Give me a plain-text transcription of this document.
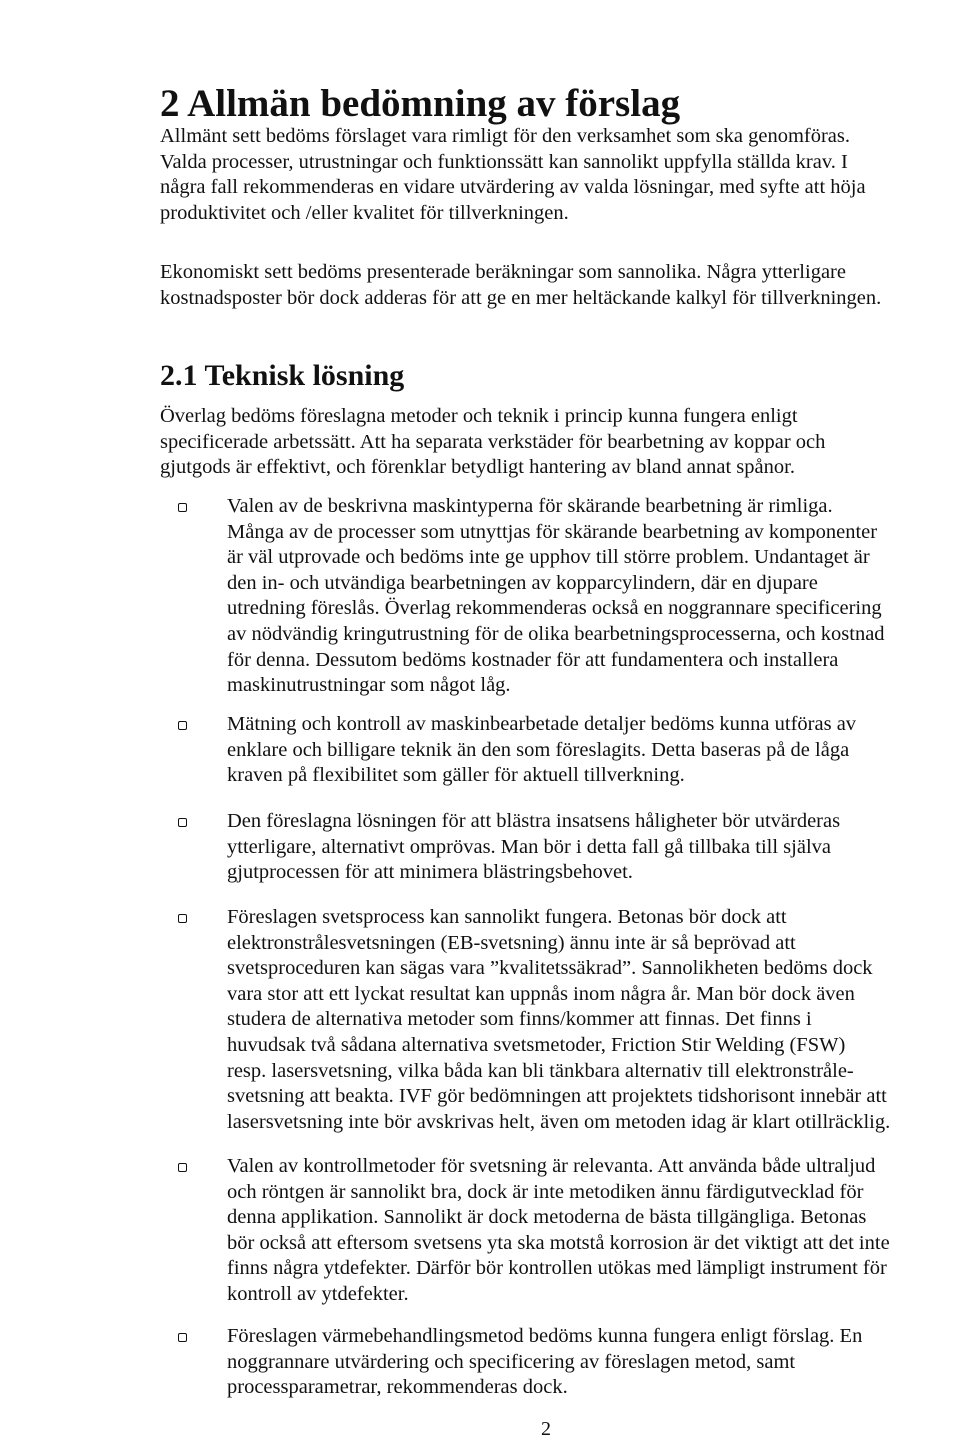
2 Allmän bedömning av förslag

Allmänt sett bedöms förslaget vara rimligt för den verksamhet som ska genomföras.
Valda processer, utrustningar och funktionssätt kan sannolikt uppfylla ställda krav. I
några fall rekommenderas en vidare utvärdering av valda lösningar, med syfte att höja
produktivitet och /eller kvalitet för tillverkningen.

Ekonomiskt sett bedöms presenterade beräkningar som sannolika. Några ytterligare
kostnadsposter bör dock adderas för att ge en mer heltäckande kalkyl för tillverkningen.

2.1 Teknisk lösning

Överlag bedöms föreslagna metoder och teknik i princip kunna fungera enligt
specificerade arbetssätt. Att ha separata verkstäder för bearbetning av koppar och
gjutgods är effektivt, och förenklar betydligt hantering av bland annat spånor.

Valen av de beskrivna maskintyperna för skärande bearbetning är rimliga.
Många av de processer som utnyttjas för skärande bearbetning av komponenter
är väl utprovade och bedöms inte ge upphov till större problem. Undantaget är
den in- och utvändiga bearbetningen av kopparcylindern, där en djupare
utredning föreslås. Överlag rekommenderas också en noggrannare specificering
av nödvändig kringutrustning för de olika bearbetningsprocesserna, och kostnad
för denna. Dessutom bedöms kostnader för att fundamentera och installera
maskinutrustningar som något låg.
Mätning och kontroll av maskinbearbetade detaljer bedöms kunna utföras av
enklare och billigare teknik än den som föreslagits. Detta baseras på de låga
kraven på flexibilitet som gäller för aktuell tillverkning.
Den föreslagna lösningen för att blästra insatsens håligheter bör utvärderas
ytterligare, alternativt omprövas. Man bör i detta fall gå tillbaka till själva
gjutprocessen för att minimera blästringsbehovet.
Föreslagen svetsprocess kan sannolikt fungera. Betonas bör dock att
elektronstrålesvetsningen (EB-svetsning) ännu inte är så beprövad att
svetsproceduren kan sägas vara ”kvalitetssäkrad”. Sannolikheten bedöms dock
vara stor att ett lyckat resultat kan uppnås inom några år. Man bör dock även
studera de alternativa metoder som finns/kommer att finnas. Det finns i
huvudsak två sådana alternativa svetsmetoder, Friction Stir Welding (FSW)
resp. lasersvetsning, vilka båda kan bli tänkbara alternativ till elektronstråle-
svetsning att beakta. IVF gör bedömningen att projektets tidshorisont innebär att
lasersvetsning inte bör avskrivas helt, även om metoden idag är klart otillräcklig.
Valen av kontrollmetoder för svetsning är relevanta. Att använda både ultraljud
och röntgen är sannolikt bra, dock är inte metodiken ännu färdigutvecklad för
denna applikation. Sannolikt är dock metoderna de bästa tillgängliga. Betonas
bör också att eftersom svetsens yta ska motstå korrosion är det viktigt att det inte
finns några ytdefekter. Därför bör kontrollen utökas med lämpligt instrument för
kontroll av ytdefekter.
Föreslagen värmebehandlingsmetod bedöms kunna fungera enligt förslag. En
noggrannare utvärdering och specificering av föreslagen metod, samt
processparametrar, rekommenderas dock.

2
